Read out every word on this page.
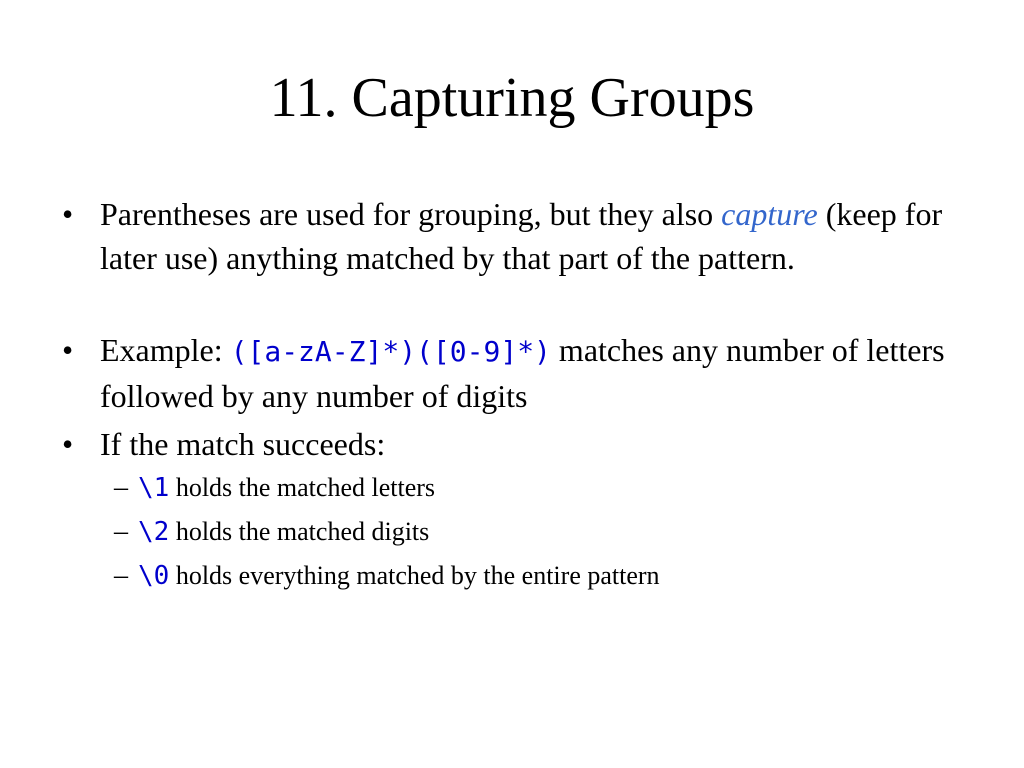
11. Capturing Groups
• Parentheses are used for grouping, but they also capture (keep for later use) anything matched by that part of the pattern.
• Example: ([a-zA-Z]*)([0-9]*) matches any number of letters followed by any number of digits
• If the match succeeds:
– \1 holds the matched letters
– \2 holds the matched digits
– \0 holds everything matched by the entire pattern
